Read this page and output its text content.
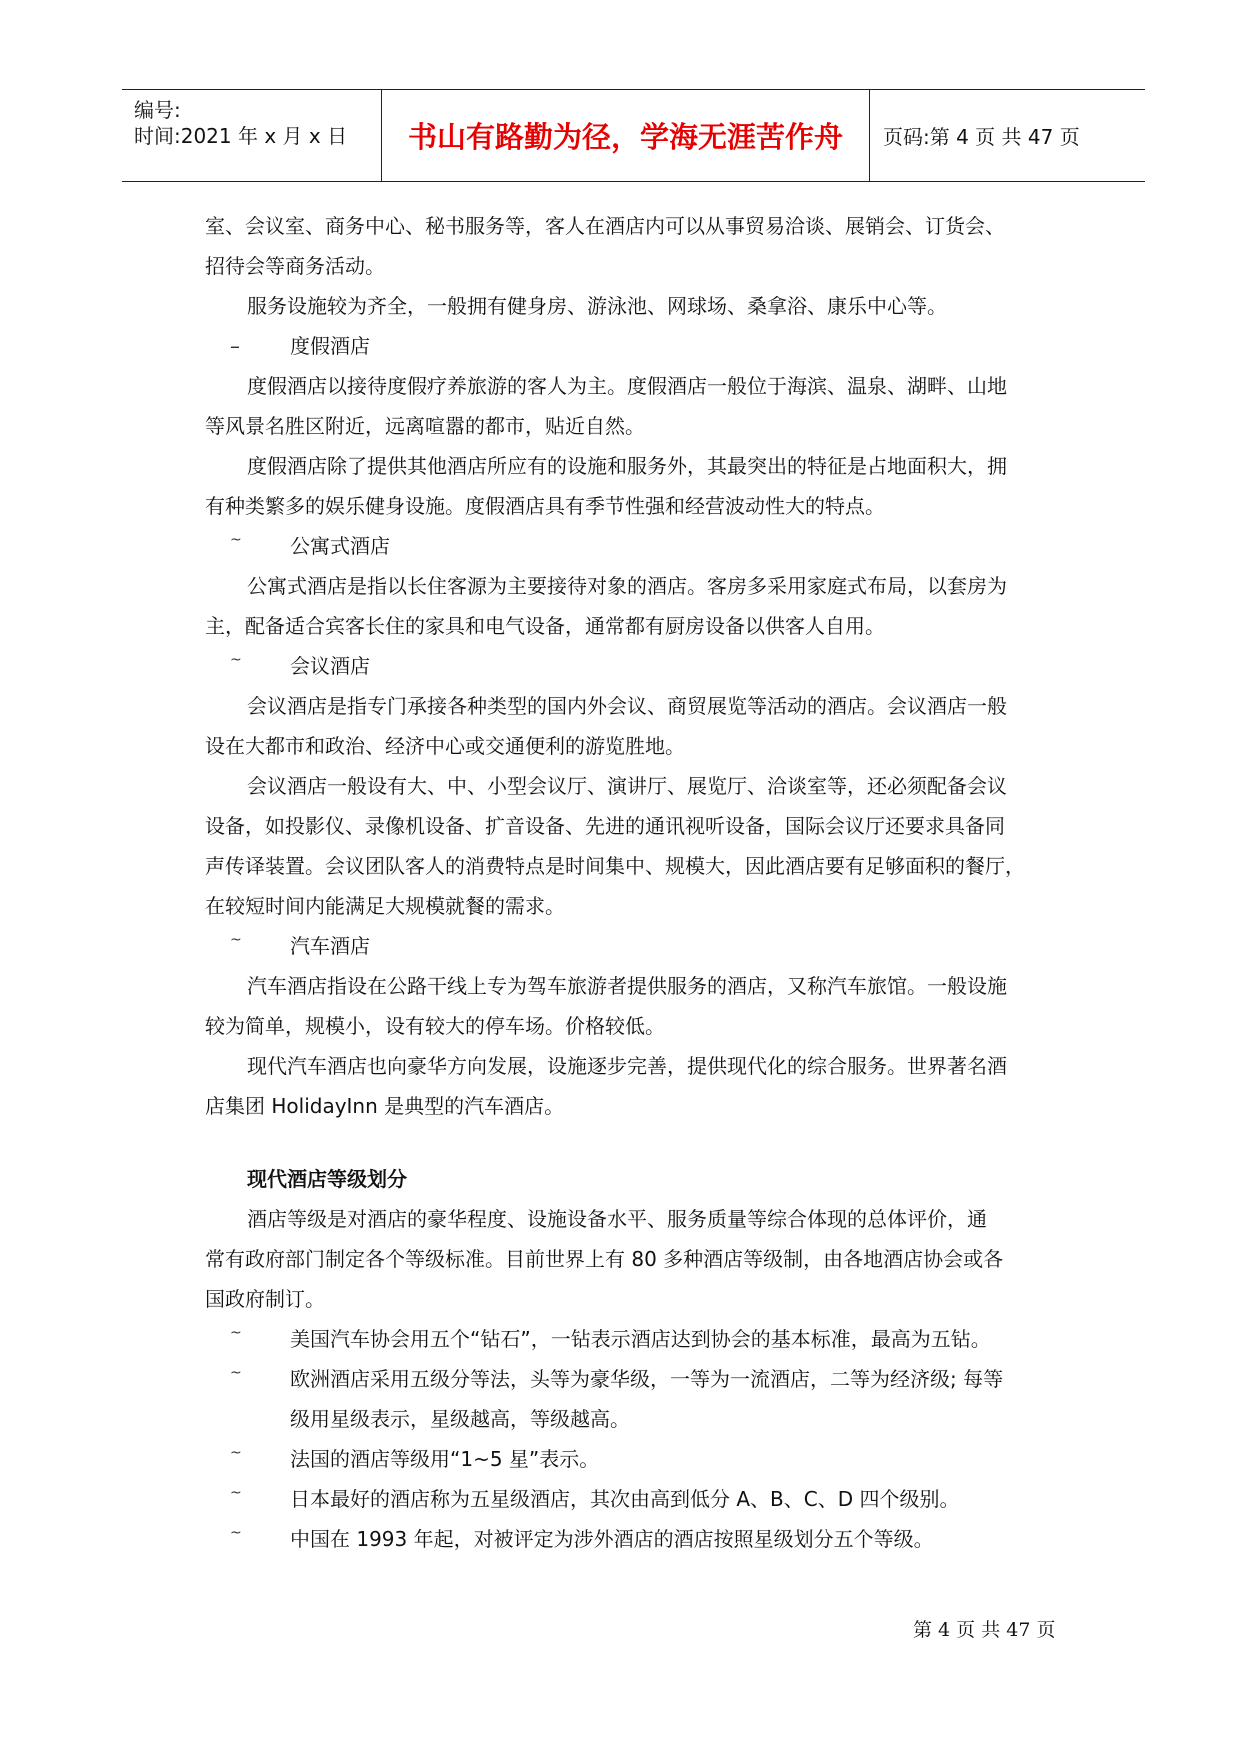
编号:
时间:2021 年 x 月 x 日 书山有路勤为径，学海无涯苦作舟 页码:第 4 页 共 47 页
室、会议室、商务中心、秘书服务等，客人在酒店内可以从事贸易洽谈、展销会、订货会、
招待会等商务活动。
服务设施较为齐全，一般拥有健身房、游泳池、网球场、桑拿浴、康乐中心等。
–	度假酒店
度假酒店以接待度假疗养旅游的客人为主。度假酒店一般位于海滨、温泉、湖畔、山地
等风景名胜区附近，远离喧嚣的都市，贴近自然。
度假酒店除了提供其他酒店所应有的设施和服务外，其最突出的特征是占地面积大，拥
有种类繁多的娱乐健身设施。度假酒店具有季节性强和经营波动性大的特点。
~ 公寓式酒店
公寓式酒店是指以长住客源为主要接待对象的酒店。客房多采用家庭式布局，以套房为
主，配备适合宾客长住的家具和电气设备，通常都有厨房设备以供客人自用。
~ 会议酒店
会议酒店是指专门承接各种类型的国内外会议、商贸展览等活动的酒店。会议酒店一般
设在大都市和政治、经济中心或交通便利的游览胜地。
会议酒店一般设有大、中、小型会议厅、演讲厅、展览厅、洽谈室等，还必须配备会议
设备，如投影仪、录像机设备、扩音设备、先进的通讯视听设备，国际会议厅还要求具备同
声传译装置。会议团队客人的消费特点是时间集中、规模大，因此酒店要有足够面积的餐厅，
在较短时间内能满足大规模就餐的需求。
~ 汽车酒店
汽车酒店指设在公路干线上专为驾车旅游者提供服务的酒店，又称汽车旅馆。一般设施
较为简单，规模小，设有较大的停车场。价格较低。
现代汽车酒店也向豪华方向发展，设施逐步完善，提供现代化的综合服务。世界著名酒
店集团 HolidayInn 是典型的汽车酒店。
现代酒店等级划分
酒店等级是对酒店的豪华程度、设施设备水平、服务质量等综合体现的总体评价，通
常有政府部门制定各个等级标准。目前世界上有 80 多种酒店等级制，由各地酒店协会或各
国政府制订。
~ 美国汽车协会用五个“钻石”，一钻表示酒店达到协会的基本标准，最高为五钻。
~ 欧洲酒店采用五级分等法，头等为豪华级，一等为一流酒店，二等为经济级; 每等
级用星级表示，星级越高，等级越高。
~ 法国的酒店等级用“1~5 星”表示。
~ 日本最好的酒店称为五星级酒店，其次由高到低分 A、B、C、D 四个级别。
~ 中国在 1993 年起，对被评定为涉外酒店的酒店按照星级划分五个等级。
第 4 页 共 47 页
